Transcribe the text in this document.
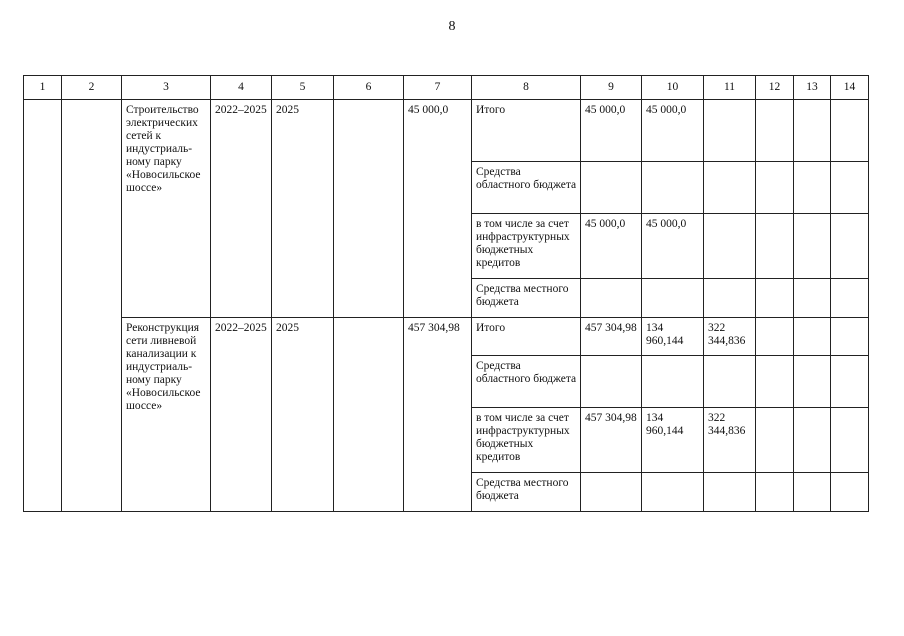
8
1	2	3	4	5	6	7	8	9	10	11	12	13	14
		Строительство электрических сетей к индустриаль-ному парку «Новосильское шоссе»	2022–2025	2025		45 000,0	Итого	45 000,0	45 000,0				
							Средства областного бюджета						
							в том числе за счет инфраструктурных бюджетных кредитов	45 000,0	45 000,0				
							Средства местного бюджета						
		Реконструкция сети ливневой канализации к индустриаль-ному парку «Новосильское шоссе»	2022–2025	2025		457 304,98	Итого	457 304,98	134 960,144	322 344,836			
							Средства областного бюджета						
							в том числе за счет инфраструктурных бюджетных кредитов	457 304,98	134 960,144	322 344,836			
							Средства местного бюджета						
